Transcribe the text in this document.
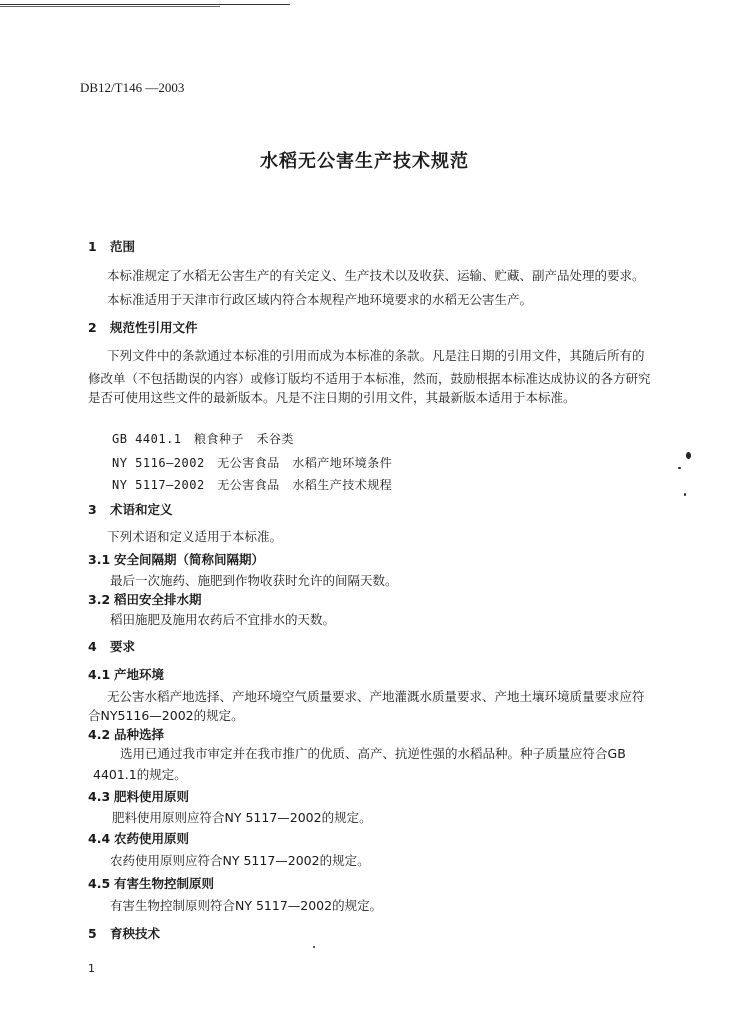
DB12/T146 —2003
水稻无公害生产技术规范
1 范围
本标准规定了水稻无公害生产的有关定义、生产技术以及收获、运输、贮藏、副产品处理的要求。
本标准适用于天津市行政区域内符合本规程产地环境要求的水稻无公害生产。
2 规范性引用文件
下列文件中的条款通过本标准的引用而成为本标准的条款。凡是注日期的引用文件，其随后所有的
修改单（不包括勘误的内容）或修订版均不适用于本标准，然而，鼓励根据本标准达成协议的各方研究
是否可使用这些文件的最新版本。凡是不注日期的引用文件，其最新版本适用于本标准。
GB 4401.1　粮食种子　禾谷类
NY 5116—2002　无公害食品　水稻产地环境条件
NY 5117—2002　无公害食品　水稻生产技术规程
3 术语和定义
下列术语和定义适用于本标准。
3.1 安全间隔期（简称间隔期）
最后一次施药、施肥到作物收获时允许的间隔天数。
3.2 稻田安全排水期
稻田施肥及施用农药后不宜排水的天数。
4 要求
4.1 产地环境
无公害水稻产地选择、产地环境空气质量要求、产地灌溉水质量要求、产地土壤环境质量要求应符
合NY5116—2002的规定。
4.2 品种选择
选用已通过我市审定并在我市推广的优质、高产、抗逆性强的水稻品种。种子质量应符合GB
4401.1的规定。
4.3 肥料使用原则
肥料使用原则应符合NY 5117—2002的规定。
4.4 农药使用原则
农药使用原则应符合NY 5117—2002的规定。
4.5 有害生物控制原则
有害生物控制原则符合NY 5117—2002的规定。
5 育秧技术
1
